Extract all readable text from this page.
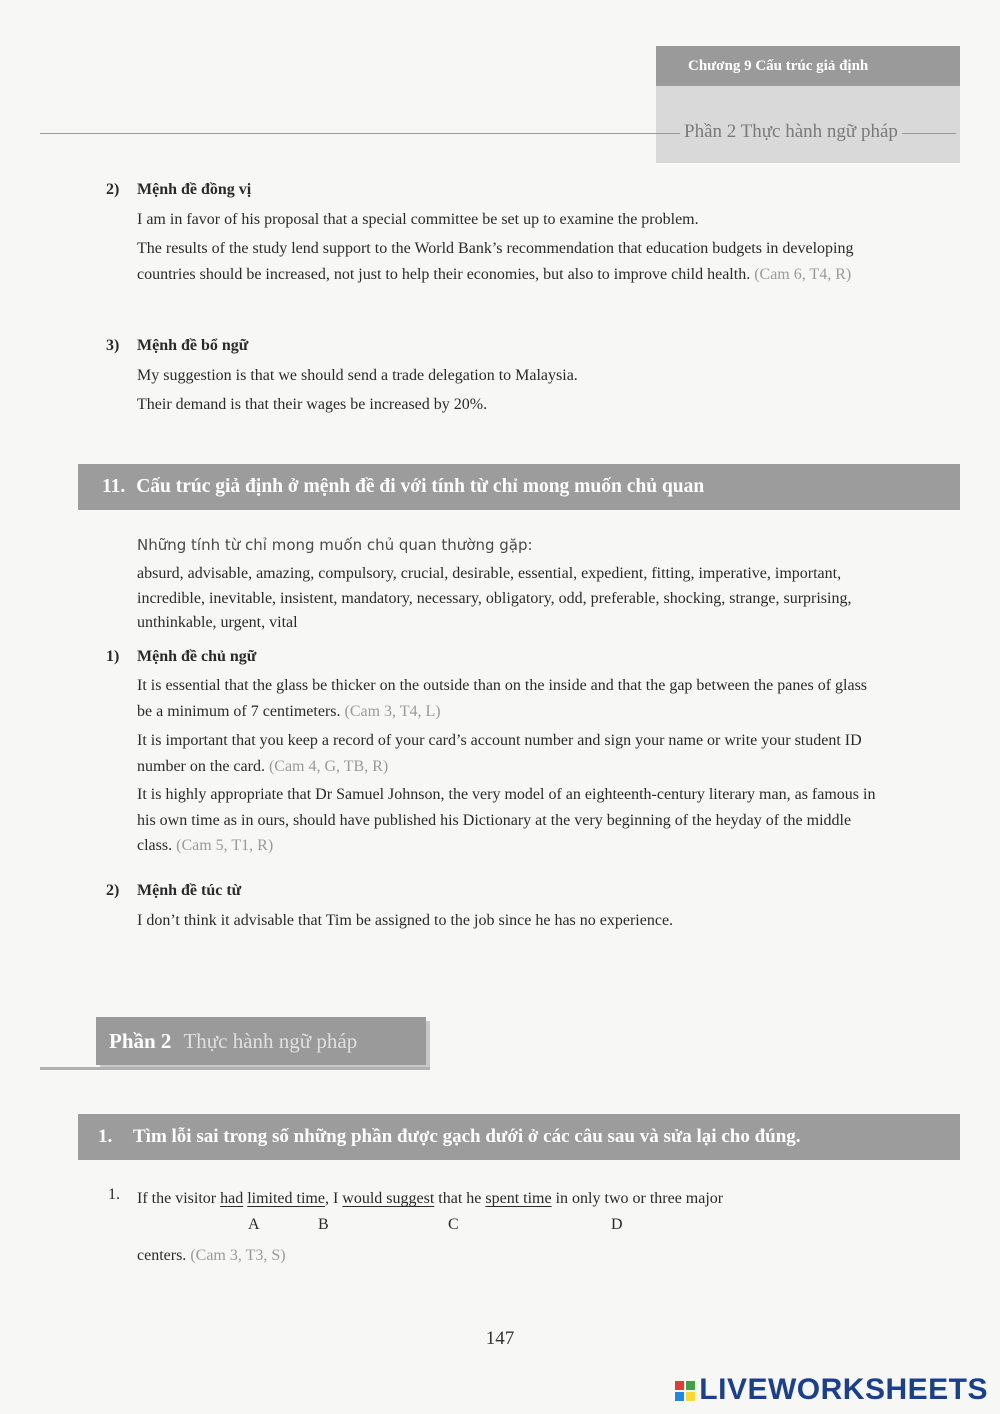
Chương 9 Cấu trúc giả định
Phần 2 Thực hành ngữ pháp
2)	Mệnh đề đồng vị
I am in favor of his proposal that a special committee be set up to examine the problem.
The results of the study lend support to the World Bank’s recommendation that education budgets in developing countries should be increased, not just to help their economies, but also to improve child health. (Cam 6, T4, R)
3)	Mệnh đề bổ ngữ
My suggestion is that we should send a trade delegation to Malaysia.
Their demand is that their wages be increased by 20%.
11. Cấu trúc giả định ở mệnh đề đi với tính từ chỉ mong muốn chủ quan
Những tính từ chỉ mong muốn chủ quan thường gặp:
absurd, advisable, amazing, compulsory, crucial, desirable, essential, expedient, fitting, imperative, important, incredible, inevitable, insistent, mandatory, necessary, obligatory, odd, preferable, shocking, strange, surprising, unthinkable, urgent, vital
1)	Mệnh đề chủ ngữ
It is essential that the glass be thicker on the outside than on the inside and that the gap between the panes of glass be a minimum of 7 centimeters. (Cam 3, T4, L)
It is important that you keep a record of your card’s account number and sign your name or write your student ID number on the card. (Cam 4, G, TB, R)
It is highly appropriate that Dr Samuel Johnson, the very model of an eighteenth-century literary man, as famous in his own time as in ours, should have published his Dictionary at the very beginning of the heyday of the middle class. (Cam 5, T1, R)
2)	Mệnh đề túc từ
I don’t think it advisable that Tim be assigned to the job since he has no experience.
Phần 2 Thực hành ngữ pháp
1. Tìm lỗi sai trong số những phần được gạch dưới ở các câu sau và sửa lại cho đúng.
1. If the visitor had limited time, I would suggest that he spent time in only two or three major
A	B	C	D
centers. (Cam 3, T3, S)
147
LIVEWORKSHEETS
